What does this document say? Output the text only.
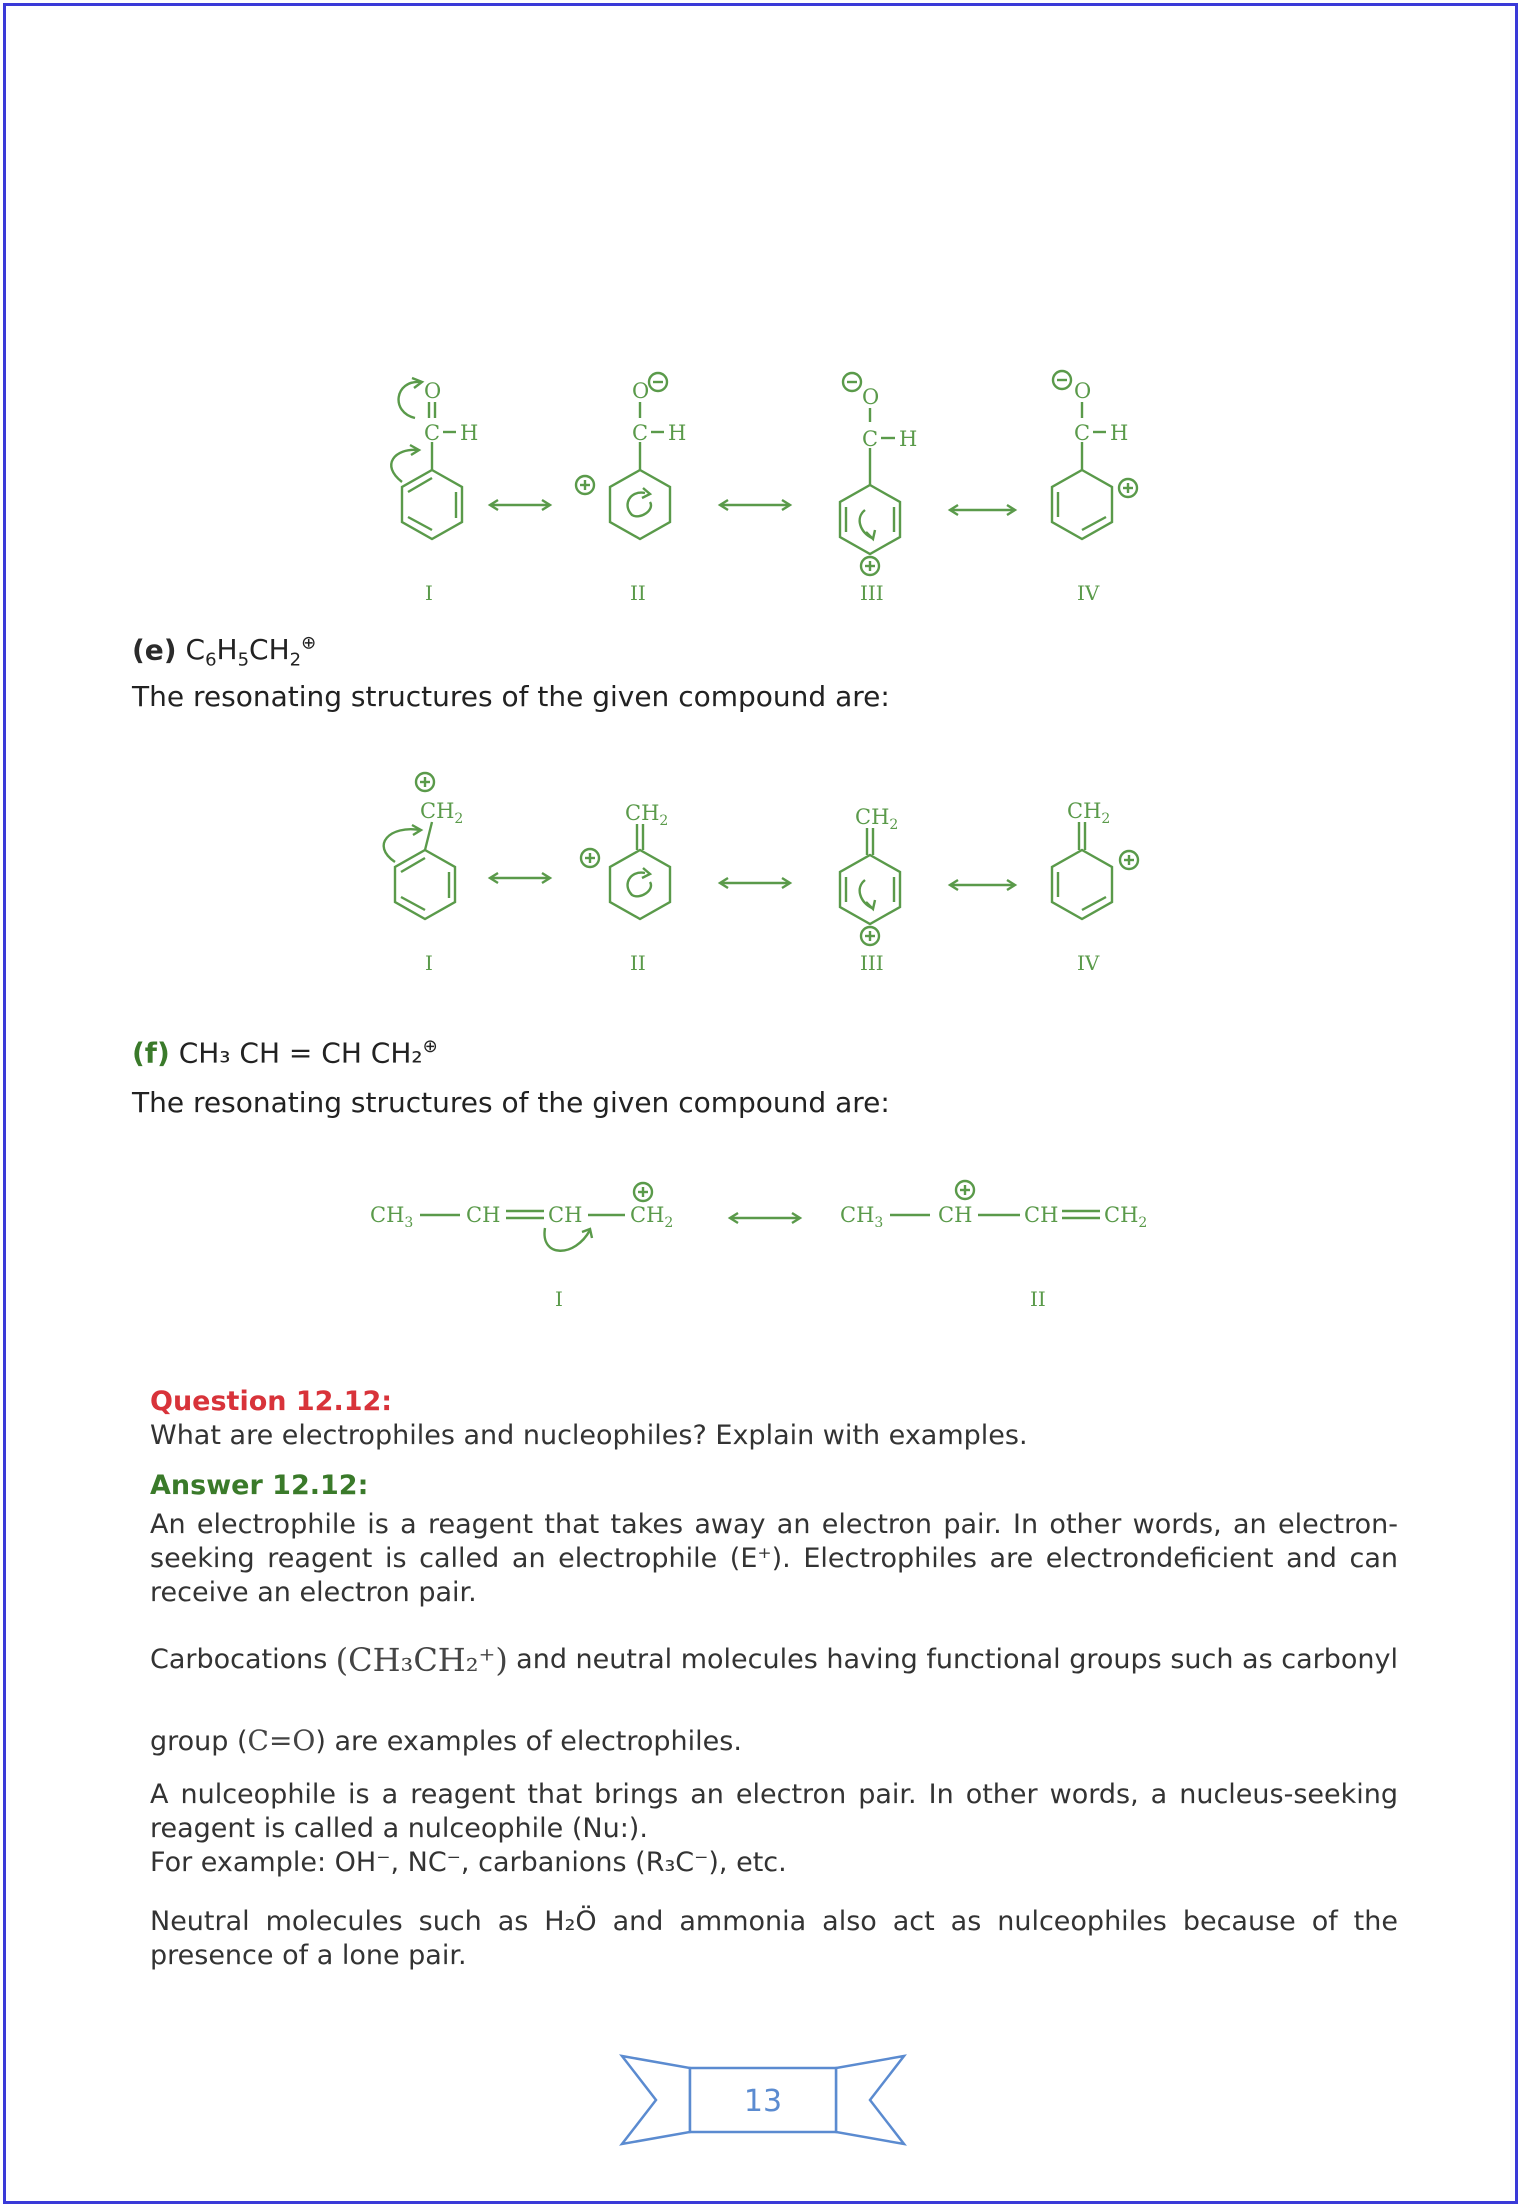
C
O
H
I
C
O
H
II
C
O
H
III
C
O
H
IV
(e) $C_6H_5CH_2^\oplus$
The resonating structures of the given compound are:
$CH_2$
I
$CH_2$
II
$CH_2$
III
$CH_2$
IV
(f) CH₃ CH = CH CH₂⊕
The resonating structures of the given compound are:
$CH_3$	CH CH $CH_2$
I
$CH_3$	CH CH $CH_2$
II
Question 12.12:
What are electrophiles and nucleophiles? Explain with examples.
Answer 12.12:
An electrophile is a reagent that takes away an electron pair. In other words, an electron-seeking reagent is called an electrophile (E⁺). Electrophiles are electrondeficient and can receive an electron pair.
Carbocations (CH₃CH₂⁺) and neutral molecules having functional groups such as carbonyl
group (C=O) are examples of electrophiles.
A nulceophile is a reagent that brings an electron pair. In other words, a nucleus-seeking reagent is called a nulceophile (Nu:).
For example: OH⁻, NC⁻, carbanions (R₃C⁻), etc.
Neutral molecules such as H₂Ö and ammonia also act as nulceophiles because of the presence of a lone pair.
13
